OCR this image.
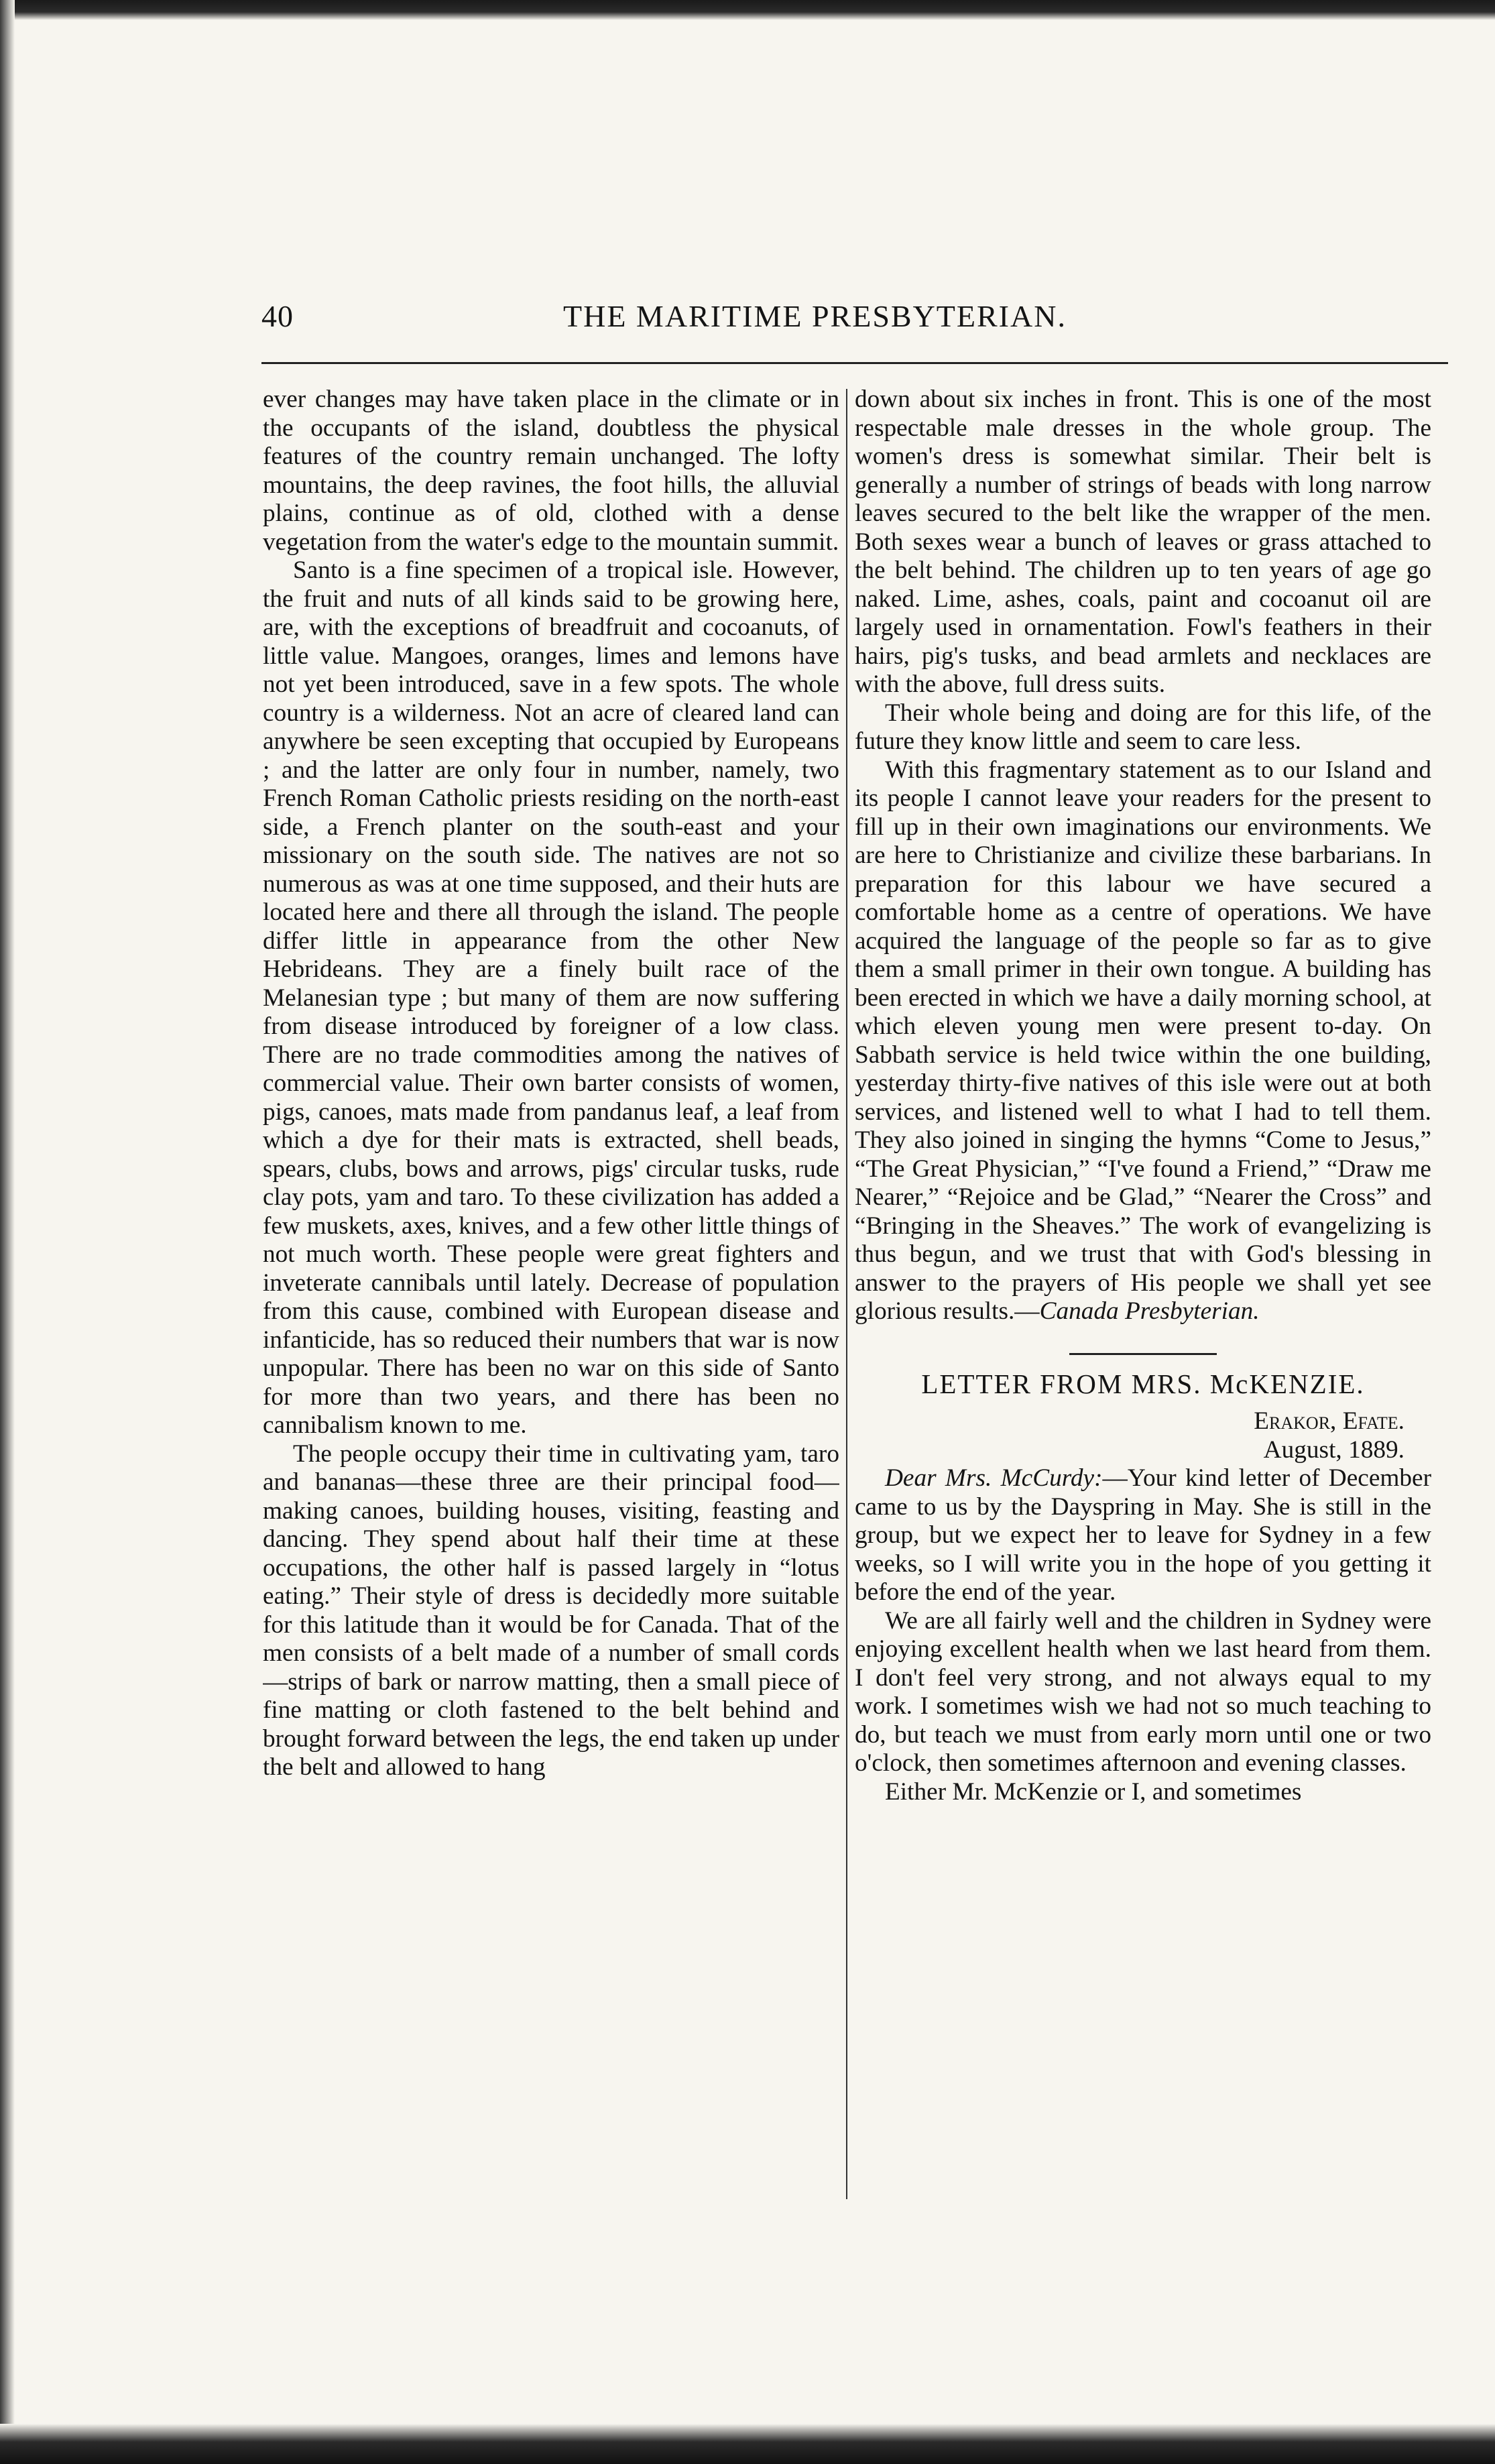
40	THE MARITIME PRESBYTERIAN.

ever changes may have taken place in the climate or in the occupants of the island, doubtless the physical features of the country remain unchanged. The lofty mountains, the deep ravines, the foot hills, the alluvial plains, continue as of old, clothed with a dense vegetation from the water's edge to the mountain summit.

Santo is a fine specimen of a tropical isle. However, the fruit and nuts of all kinds said to be growing here, are, with the exceptions of breadfruit and cocoanuts, of little value. Mangoes, oranges, limes and lemons have not yet been introduced, save in a few spots. The whole country is a wilderness. Not an acre of cleared land can anywhere be seen excepting that occupied by Europeans ; and the latter are only four in number, namely, two French Roman Catholic priests residing on the north-east side, a French planter on the south-east and your missionary on the south side. The natives are not so numerous as was at one time supposed, and their huts are located here and there all through the island. The people differ little in appearance from the other New Hebrideans. They are a finely built race of the Melanesian type ; but many of them are now suffering from disease introduced by foreigner of a low class. There are no trade commodities among the natives of commercial value. Their own barter consists of women, pigs, canoes, mats made from pandanus leaf, a leaf from which a dye for their mats is extracted, shell beads, spears, clubs, bows and arrows, pigs' circular tusks, rude clay pots, yam and taro. To these civilization has added a few muskets, axes, knives, and a few other little things of not much worth. These people were great fighters and inveterate cannibals until lately. Decrease of population from this cause, combined with European disease and infanticide, has so reduced their numbers that war is now unpopular. There has been no war on this side of Santo for more than two years, and there has been no cannibalism known to me.

The people occupy their time in cultivating yam, taro and bananas—these three are their principal food—making canoes, building houses, visiting, feasting and dancing. They spend about half their time at these occupations, the other half is passed largely in “lotus eating.” Their style of dress is decidedly more suitable for this latitude than it would be for Canada. That of the men consists of a belt made of a number of small cords—strips of bark or narrow matting, then a small piece of fine matting or cloth fastened to the belt behind and brought forward between the legs, the end taken up under the belt and allowed to hang

down about six inches in front. This is one of the most respectable male dresses in the whole group. The women's dress is somewhat similar. Their belt is generally a number of strings of beads with long narrow leaves secured to the belt like the wrapper of the men. Both sexes wear a bunch of leaves or grass attached to the belt behind. The children up to ten years of age go naked. Lime, ashes, coals, paint and cocoanut oil are largely used in ornamentation. Fowl's feathers in their hairs, pig's tusks, and bead armlets and necklaces are with the above, full dress suits.

Their whole being and doing are for this life, of the future they know little and seem to care less.

With this fragmentary statement as to our Island and its people I cannot leave your readers for the present to fill up in their own imaginations our environments. We are here to Christianize and civilize these barbarians. In preparation for this labour we have secured a comfortable home as a centre of operations. We have acquired the language of the people so far as to give them a small primer in their own tongue. A building has been erected in which we have a daily morning school, at which eleven young men were present to-day. On Sabbath service is held twice within the one building, yesterday thirty-five natives of this isle were out at both services, and listened well to what I had to tell them. They also joined in singing the hymns “Come to Jesus,” “The Great Physician,” “I've found a Friend,” “Draw me Nearer,” “Rejoice and be Glad,” “Nearer the Cross” and “Bringing in the Sheaves.” The work of evangelizing is thus begun, and we trust that with God's blessing in answer to the prayers of His people we shall yet see glorious results.—Canada Presbyterian.

LETTER FROM MRS. McKENZIE.
Erakor, Efate.
August, 1889.

Dear Mrs. McCurdy:—Your kind letter of December came to us by the Dayspring in May. She is still in the group, but we expect her to leave for Sydney in a few weeks, so I will write you in the hope of you getting it before the end of the year.

We are all fairly well and the children in Sydney were enjoying excellent health when we last heard from them. I don't feel very strong, and not always equal to my work. I sometimes wish we had not so much teaching to do, but teach we must from early morn until one or two o'clock, then sometimes afternoon and evening classes.

Either Mr. McKenzie or I, and sometimes
